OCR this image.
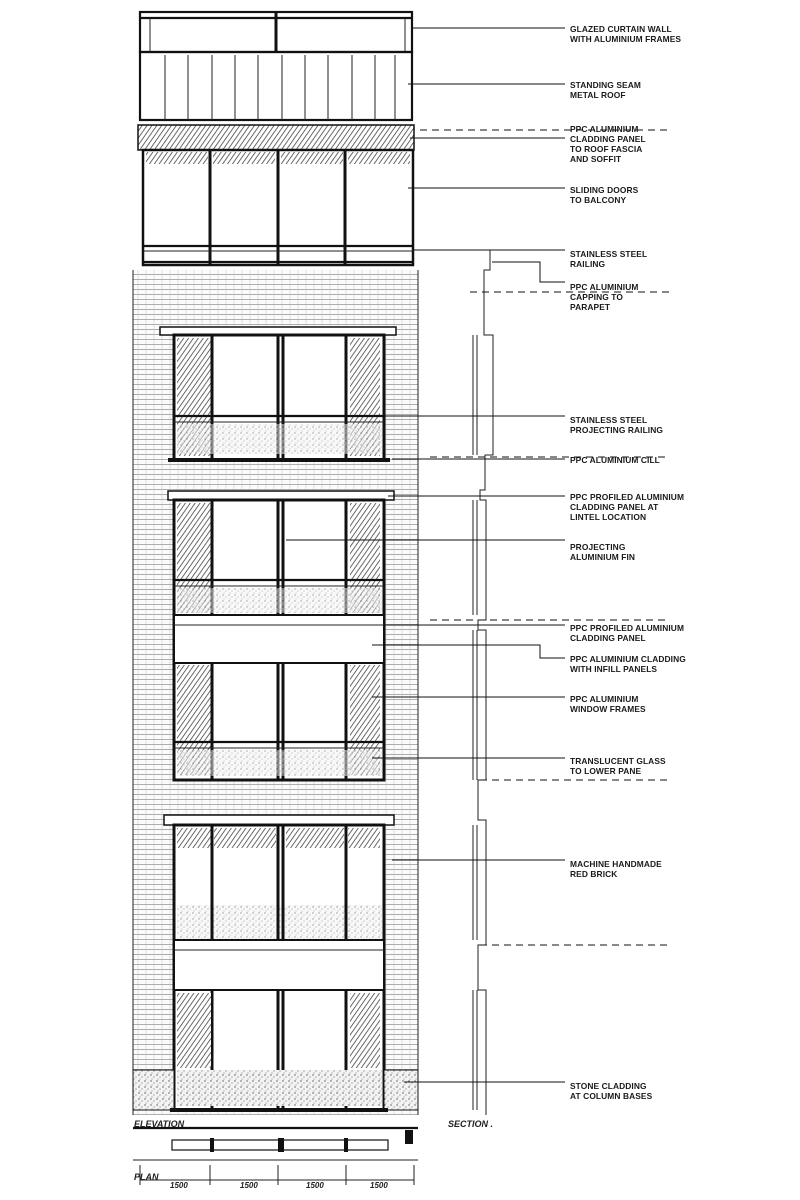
GLAZED CURTAIN WALL
WITH ALUMINIUM FRAMES
STANDING SEAM
METAL ROOF
PPC ALUMINIUM
CLADDING PANEL
TO ROOF FASCIA
AND SOFFIT
SLIDING DOORS
TO BALCONY
STAINLESS STEEL
RAILING
PPC ALUMINIUM
CAPPING TO
PARAPET
STAINLESS STEEL
PROJECTING RAILING
PPC ALUMINIUM CILL
PPC PROFILED ALUMINIUM
CLADDING PANEL AT
LINTEL LOCATION
PROJECTING
ALUMINIUM FIN
PPC PROFILED ALUMINIUM
CLADDING PANEL
PPC ALUMINIUM CLADDING
WITH INFILL PANELS
PPC ALUMINIUM
WINDOW FRAMES
TRANSLUCENT GLASS
TO LOWER PANE
MACHINE HANDMADE
RED BRICK
STONE CLADDING
AT COLUMN BASES
ELEVATION	SECTION .
PLAN
1500	1500	1500	1500
